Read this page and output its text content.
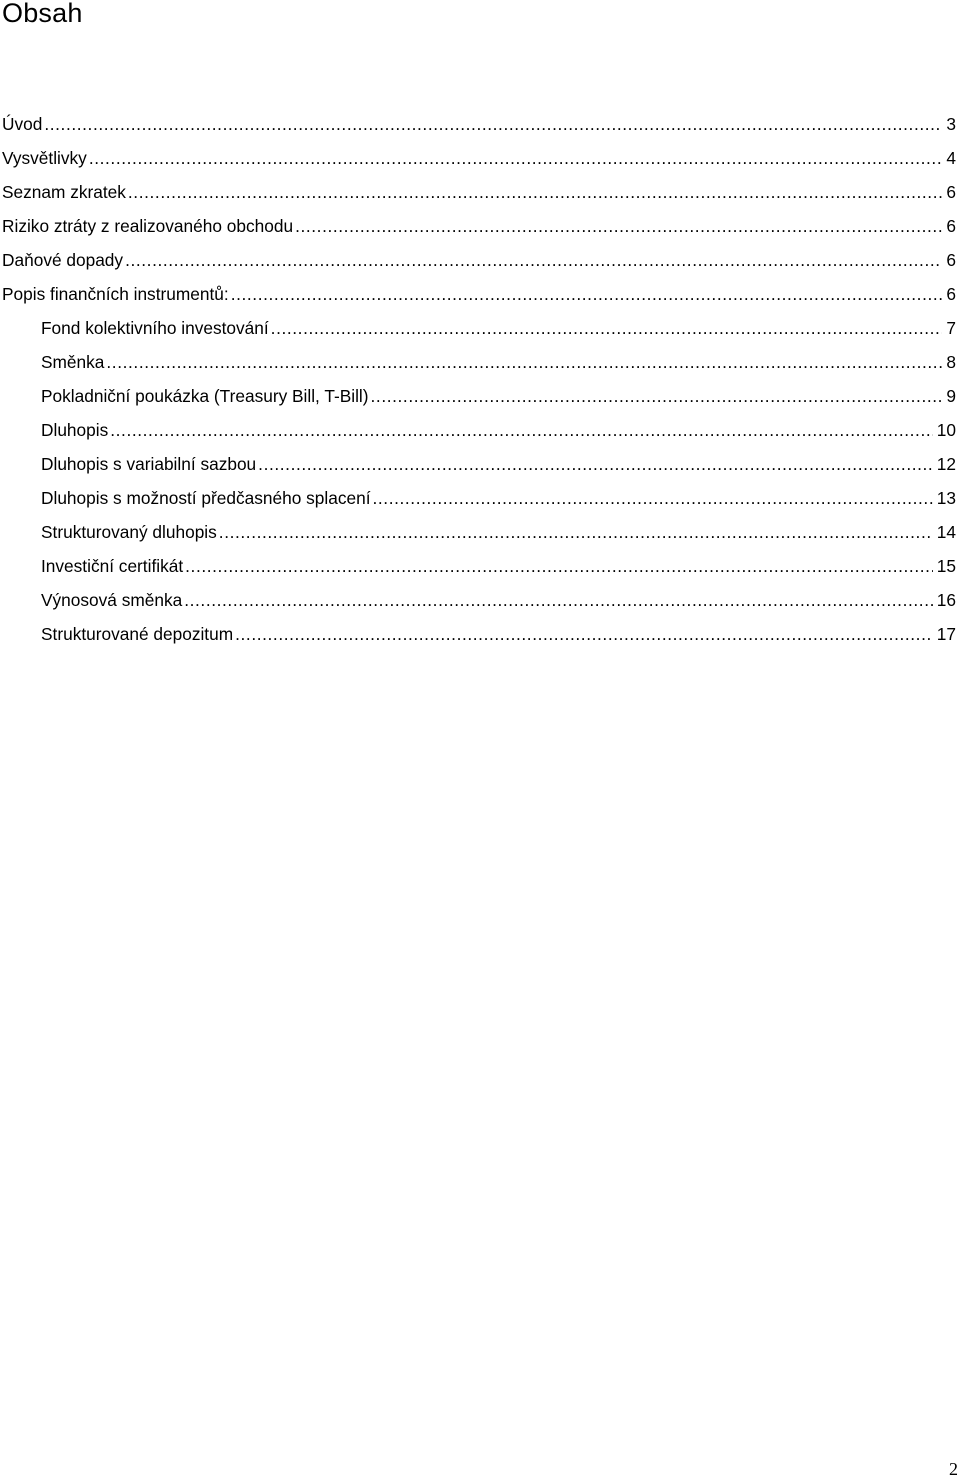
Obsah
Úvod .....	3
Vysvětlivky .....	4
Seznam zkratek .....	6
Riziko ztráty z realizovaného obchodu .....	6
Daňové dopady .....	6
Popis finančních instrumentů: .....	6
Fond kolektivního investování .....	7
Směnka .....	8
Pokladniční poukázka (Treasury Bill, T-Bill) .....	9
Dluhopis .....	10
Dluhopis s variabilní sazbou .....	12
Dluhopis s možností předčasného splacení .....	13
Strukturovaný dluhopis .....	14
Investiční certifikát .....	15
Výnosová směnka .....	16
Strukturované depozitum .....	17

2
